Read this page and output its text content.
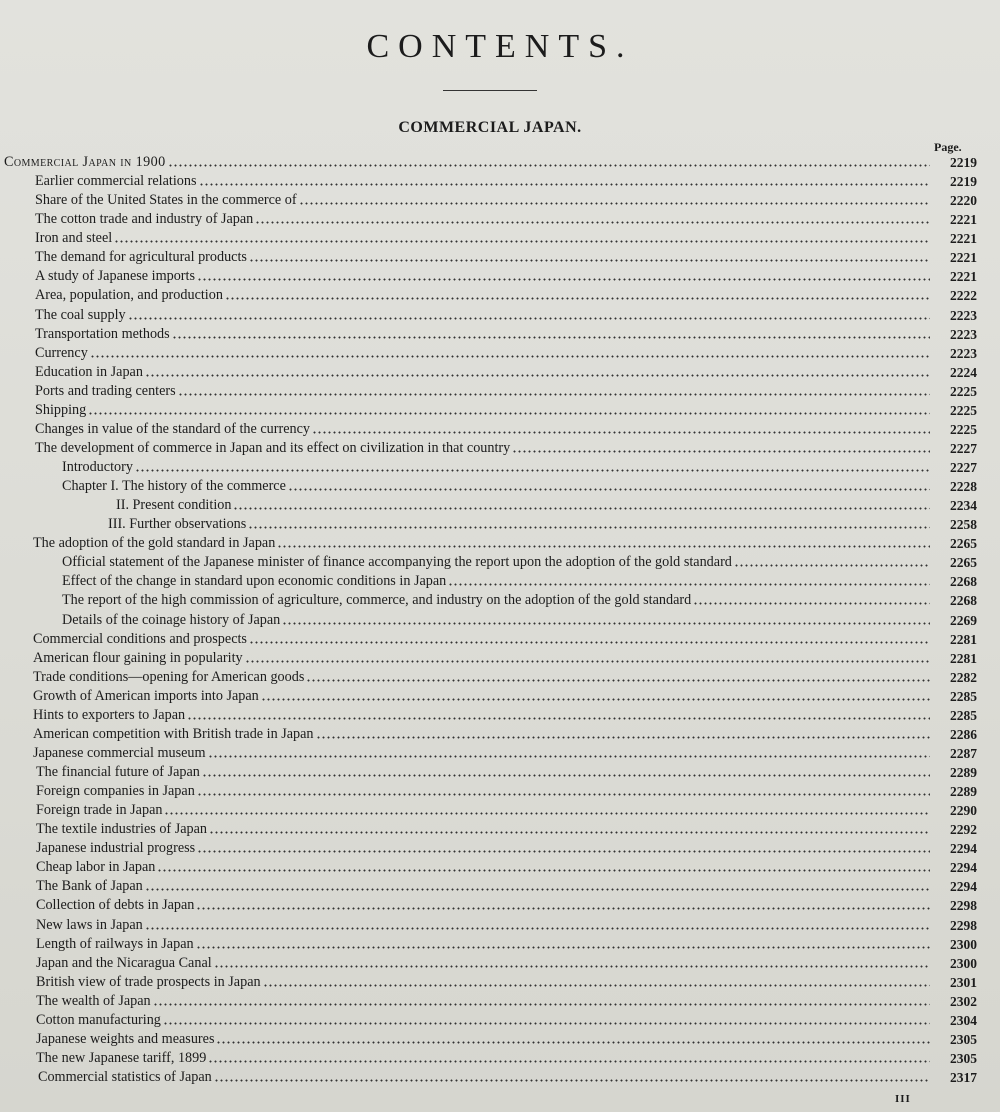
CONTENTS.
COMMERCIAL JAPAN.
Page.
Commercial Japan in 1900	2219
Earlier commercial relations	2219
Share of the United States in the commerce of	2220
The cotton trade and industry of Japan	2221
Iron and steel	2221
The demand for agricultural products	2221
A study of Japanese imports	2221
Area, population, and production	2222
The coal supply	2223
Transportation methods	2223
Currency	2223
Education in Japan	2224
Ports and trading centers	2225
Shipping	2225
Changes in value of the standard of the currency	2225
The development of commerce in Japan and its effect on civilization in that country	2227
Introductory	2227
Chapter I. The history of the commerce	2228
II. Present condition	2234
III. Further observations	2258
The adoption of the gold standard in Japan	2265
Official statement of the Japanese minister of finance accompanying the report upon the adoption of the gold standard	2265
Effect of the change in standard upon economic conditions in Japan	2268
The report of the high commission of agriculture, commerce, and industry on the adoption of the gold standard	2268
Details of the coinage history of Japan	2269
Commercial conditions and prospects	2281
American flour gaining in popularity	2281
Trade conditions—opening for American goods	2282
Growth of American imports into Japan	2285
Hints to exporters to Japan	2285
American competition with British trade in Japan	2286
Japanese commercial museum	2287
The financial future of Japan	2289
Foreign companies in Japan	2289
Foreign trade in Japan	2290
The textile industries of Japan	2292
Japanese industrial progress	2294
Cheap labor in Japan	2294
The Bank of Japan	2294
Collection of debts in Japan	2298
New laws in Japan	2298
Length of railways in Japan	2300
Japan and the Nicaragua Canal	2300
British view of trade prospects in Japan	2301
The wealth of Japan	2302
Cotton manufacturing	2304
Japanese weights and measures	2305
The new Japanese tariff, 1899	2305
Commercial statistics of Japan	2317
III
